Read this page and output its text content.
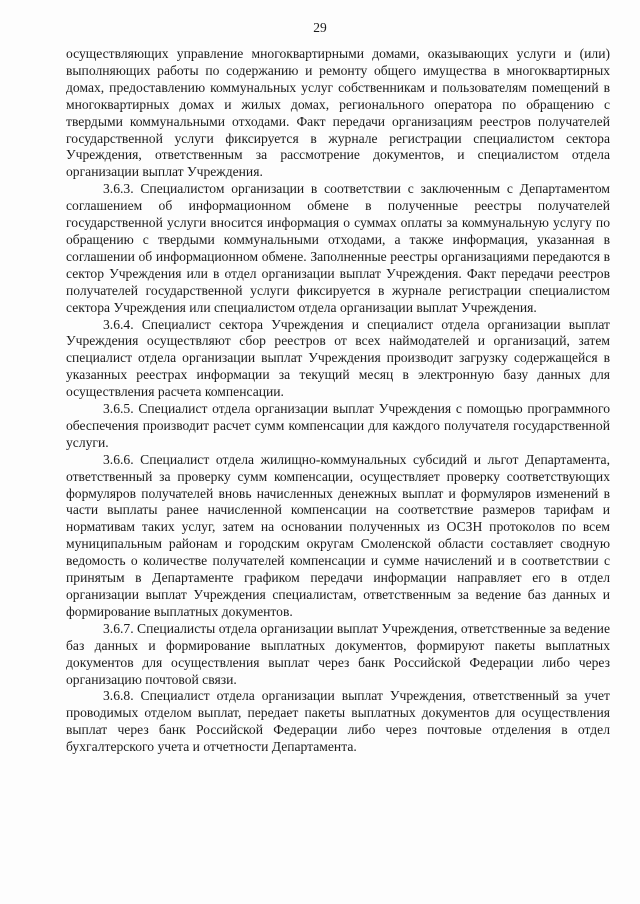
29

осуществляющих управление многоквартирными домами, оказывающих услуги и (или) выполняющих работы по содержанию и ремонту общего имущества в многоквартирных домах, предоставлению коммунальных услуг собственникам и пользователям помещений в многоквартирных домах и жилых домах, регионального оператора по обращению с твердыми коммунальными отходами. Факт передачи организациям реестров получателей государственной услуги фиксируется в журнале регистрации специалистом сектора Учреждения, ответственным за рассмотрение документов, и специалистом отдела организации выплат Учреждения.

3.6.3. Специалистом организации в соответствии с заключенным с Департаментом соглашением об информационном обмене в полученные реестры получателей государственной услуги вносится информация о суммах оплаты за коммунальную услугу по обращению с твердыми коммунальными отходами, а также информация, указанная в соглашении об информационном обмене. Заполненные реестры организациями передаются в сектор Учреждения или в отдел организации выплат Учреждения. Факт передачи реестров получателей государственной услуги фиксируется в журнале регистрации специалистом сектора Учреждения или специалистом отдела организации выплат Учреждения.

3.6.4. Специалист сектора Учреждения и специалист отдела организации выплат Учреждения осуществляют сбор реестров от всех наймодателей и организаций, затем специалист отдела организации выплат Учреждения производит загрузку содержащейся в указанных реестрах информации за текущий месяц в электронную базу данных для осуществления расчета компенсации.

3.6.5. Специалист отдела организации выплат Учреждения с помощью программного обеспечения производит расчет сумм компенсации для каждого получателя государственной услуги.

3.6.6. Специалист отдела жилищно-коммунальных субсидий и льгот Департамента, ответственный за проверку сумм компенсации, осуществляет проверку соответствующих формуляров получателей вновь начисленных денежных выплат и формуляров изменений в части выплаты ранее начисленной компенсации на соответствие размеров тарифам и нормативам таких услуг, затем на основании полученных из ОСЗН протоколов по всем муниципальным районам и городским округам Смоленской области составляет сводную ведомость о количестве получателей компенсации и сумме начислений и в соответствии с принятым в Департаменте графиком передачи информации направляет его в отдел организации выплат Учреждения специалистам, ответственным за ведение баз данных и формирование выплатных документов.

3.6.7. Специалисты отдела организации выплат Учреждения, ответственные за ведение баз данных и формирование выплатных документов, формируют пакеты выплатных документов для осуществления выплат через банк Российской Федерации либо через организацию почтовой связи.

3.6.8. Специалист отдела организации выплат Учреждения, ответственный за учет проводимых отделом выплат, передает пакеты выплатных документов для осуществления выплат через банк Российской Федерации либо через почтовые отделения в отдел бухгалтерского учета и отчетности Департамента.
